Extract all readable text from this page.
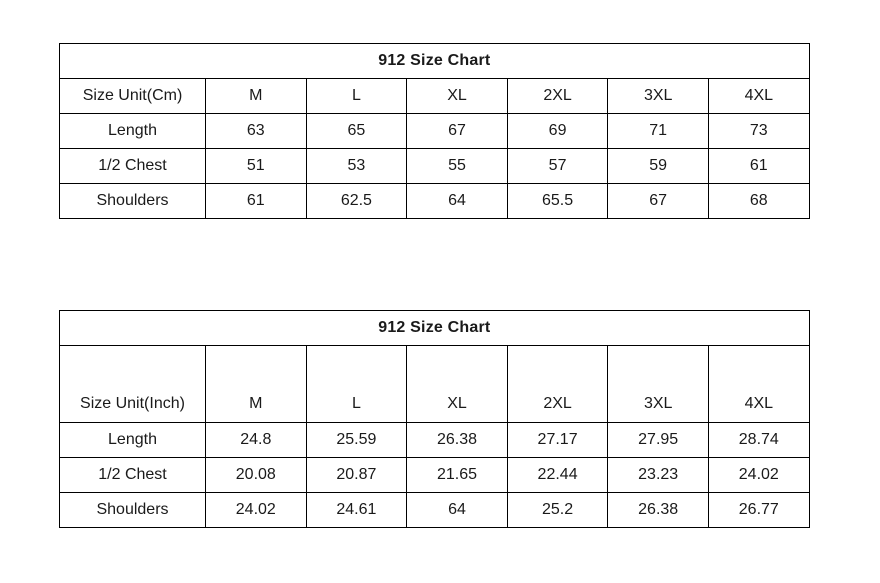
912 Size Chart						
Size Unit(Cm)	M	L	XL	2XL	3XL	4XL
Length	63	65	67	69	71	73
1/2 Chest	51	53	55	57	59	61
Shoulders	61	62.5	64	65.5	67	68
912 Size Chart						

Size Unit(Inch)	M	L	XL	2XL	3XL	4XL

Length	24.8	25.59	26.38	27.17	27.95	28.74
1/2 Chest	20.08	20.87	21.65	22.44	23.23	24.02
Shoulders	24.02	24.61	64	25.2	26.38	26.77
